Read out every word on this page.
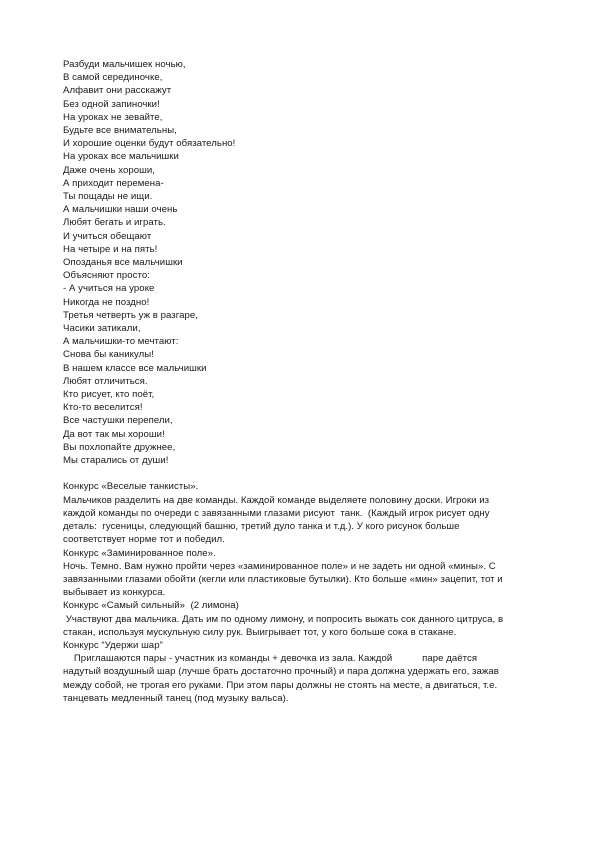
Разбуди мальчишек ночью,
В самой серединочке,
Алфавит они расскажут
Без одной запиночки!
На уроках не зевайте,
Будьте все внимательны,
И хорошие оценки будут обязательно!
На уроках все мальчишки
Даже очень хороши,
А приходит перемена-
Ты пощады не ищи.
А мальчишки наши очень
Любят бегать и играть.
И учиться обещают
На четыре и на пять!
Опозданья все мальчишки
Объясняют просто:
- А учиться на уроке
Никогда не поздно!
Третья четверть уж в разгаре,
Часики затикали,
А мальчишки-то мечтают:
Снова бы каникулы!
В нашем классе все мальчишки
Любят отличиться.
Кто рисует, кто поёт,
Кто-то веселится!
Все частушки перепели,
Да вот так мы хороши!
Вы похлопайте дружнее,
Мы старались от души!
Конкурс «Веселые танкисты».
Мальчиков разделить на две команды. Каждой команде выделяете половину доски. Игроки из
каждой команды по очереди с завязанными глазами рисуют  танк.  (Каждый игрок рисует одну
деталь:  гусеницы, следующий башню, третий дуло танка и т.д.). У кого рисунок больше
соответствует норме тот и победил.
Конкурс «Заминированное поле».
Ночь. Темно. Вам нужно пройти через «заминированное поле» и не задеть ни одной «мины». С
завязанными глазами обойти (кегли или пластиковые бутылки). Кто больше «мин» зацепит, тот и
выбывает из конкурса.
Конкурс «Самый сильный»  (2 лимона)
Участвуют два мальчика. Дать им по одному лимону, и попросить выжать сок данного цитруса, в
стакан, используя мускульную силу рук. Выигрывает тот, у кого больше сока в стакане.
Конкурс “Удержи шар”
Приглашаются пары - участник из команды + девочка из зала. Каждой           паре даётся
надутый воздушный шар (лучше брать достаточно прочный) и пара должна удержать его, зажав
между собой, не трогая его руками. При этом пары должны не стоять на месте, а двигаться, т.е.
танцевать медленный танец (под музыку вальса).
